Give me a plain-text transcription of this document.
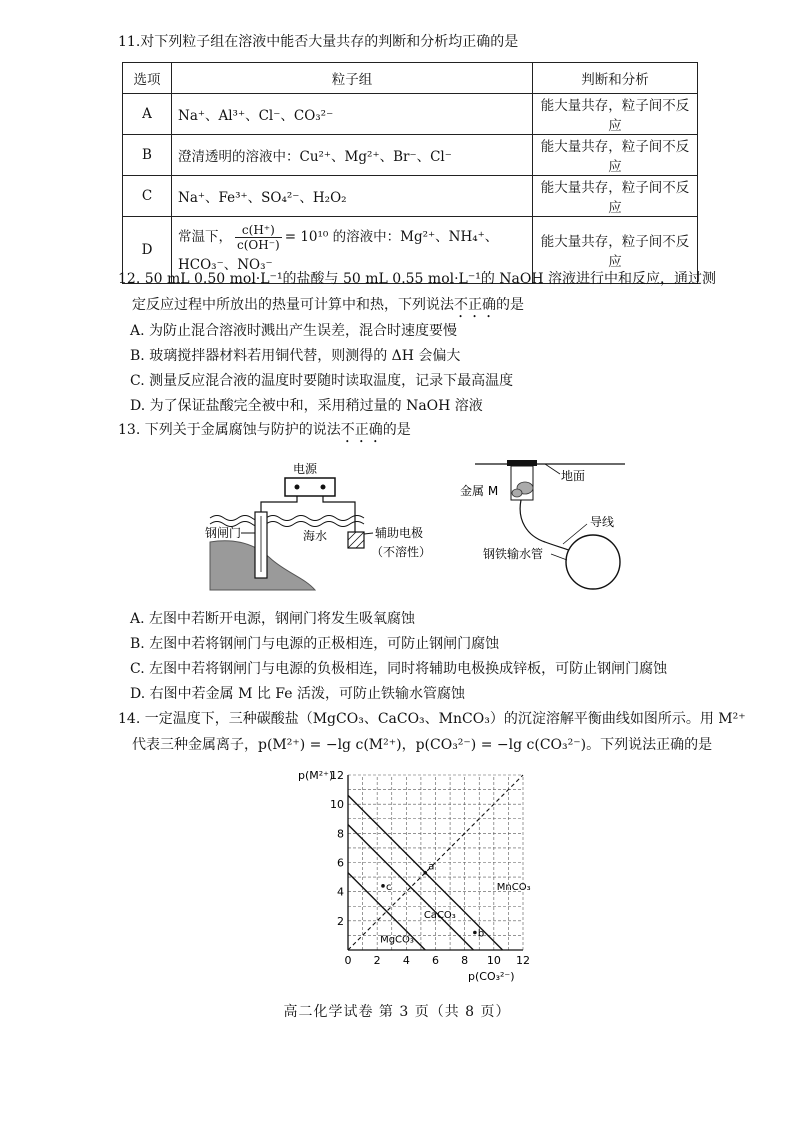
11.对下列粒子组在溶液中能否大量共存的判断和分析均正确的是
选项	粒子组	判断和分析
A	Na⁺、Al³⁺、Cl⁻、CO₃²⁻	能大量共存，粒子间不反应
B	澄清透明的溶液中：Cu²⁺、Mg²⁺、Br⁻、Cl⁻	能大量共存，粒子间不反应
C	Na⁺、Fe³⁺、SO₄²⁻、H₂O₂	能大量共存，粒子间不反应
D	常温下， $\frac{c(H^+)}{c(OH^-)} = 10^{10}$ 的溶液中：Mg²⁺、NH₄⁺、
HCO₃⁻、NO₃⁻	能大量共存，粒子间不反应
12. 50 mL 0.50 mol·L⁻¹的盐酸与 50 mL 0.55 mol·L⁻¹的 NaOH 溶液进行中和反应，通过测
定反应过程中所放出的热量可计算中和热，下列说法不正确的是
A. 为防止混合溶液时溅出产生误差，混合时速度要慢
B. 玻璃搅拌器材料若用铜代替，则测得的 ΔH 会偏大
C. 测量反应混合液的温度时要随时读取温度，记录下最高温度
D. 为了保证盐酸完全被中和，采用稍过量的 NaOH 溶液
13. 下列关于金属腐蚀与防护的说法不正确的是
电源
钢闸门	海水	辅助电极
（不溶性）
地面
金属 M
导线
钢铁输水管
A. 左图中若断开电源，钢闸门将发生吸氧腐蚀
B. 左图中若将钢闸门与电源的正极相连，可防止钢闸门腐蚀
C. 左图中若将钢闸门与电源的负极相连，同时将辅助电极换成锌板，可防止钢闸门腐蚀
D. 右图中若金属 M 比 Fe 活泼，可防止铁输水管腐蚀
14. 一定温度下，三种碳酸盐（MgCO₃、CaCO₃、MnCO₃）的沉淀溶解平衡曲线如图所示。用 M²⁺
代表三种金属离子，p(M²⁺) = −lg c(M²⁺)，p(CO₃²⁻) = −lg c(CO₃²⁻)。下列说法正确的是
0 2 4 6 8 10 12
2
4
6
8
10
12
p(M²⁺)
p(CO₃²⁻)
MgCO₃
CaCO₃
MnCO₃
a
b
c
高二化学试卷 第 3 页（共 8 页）
